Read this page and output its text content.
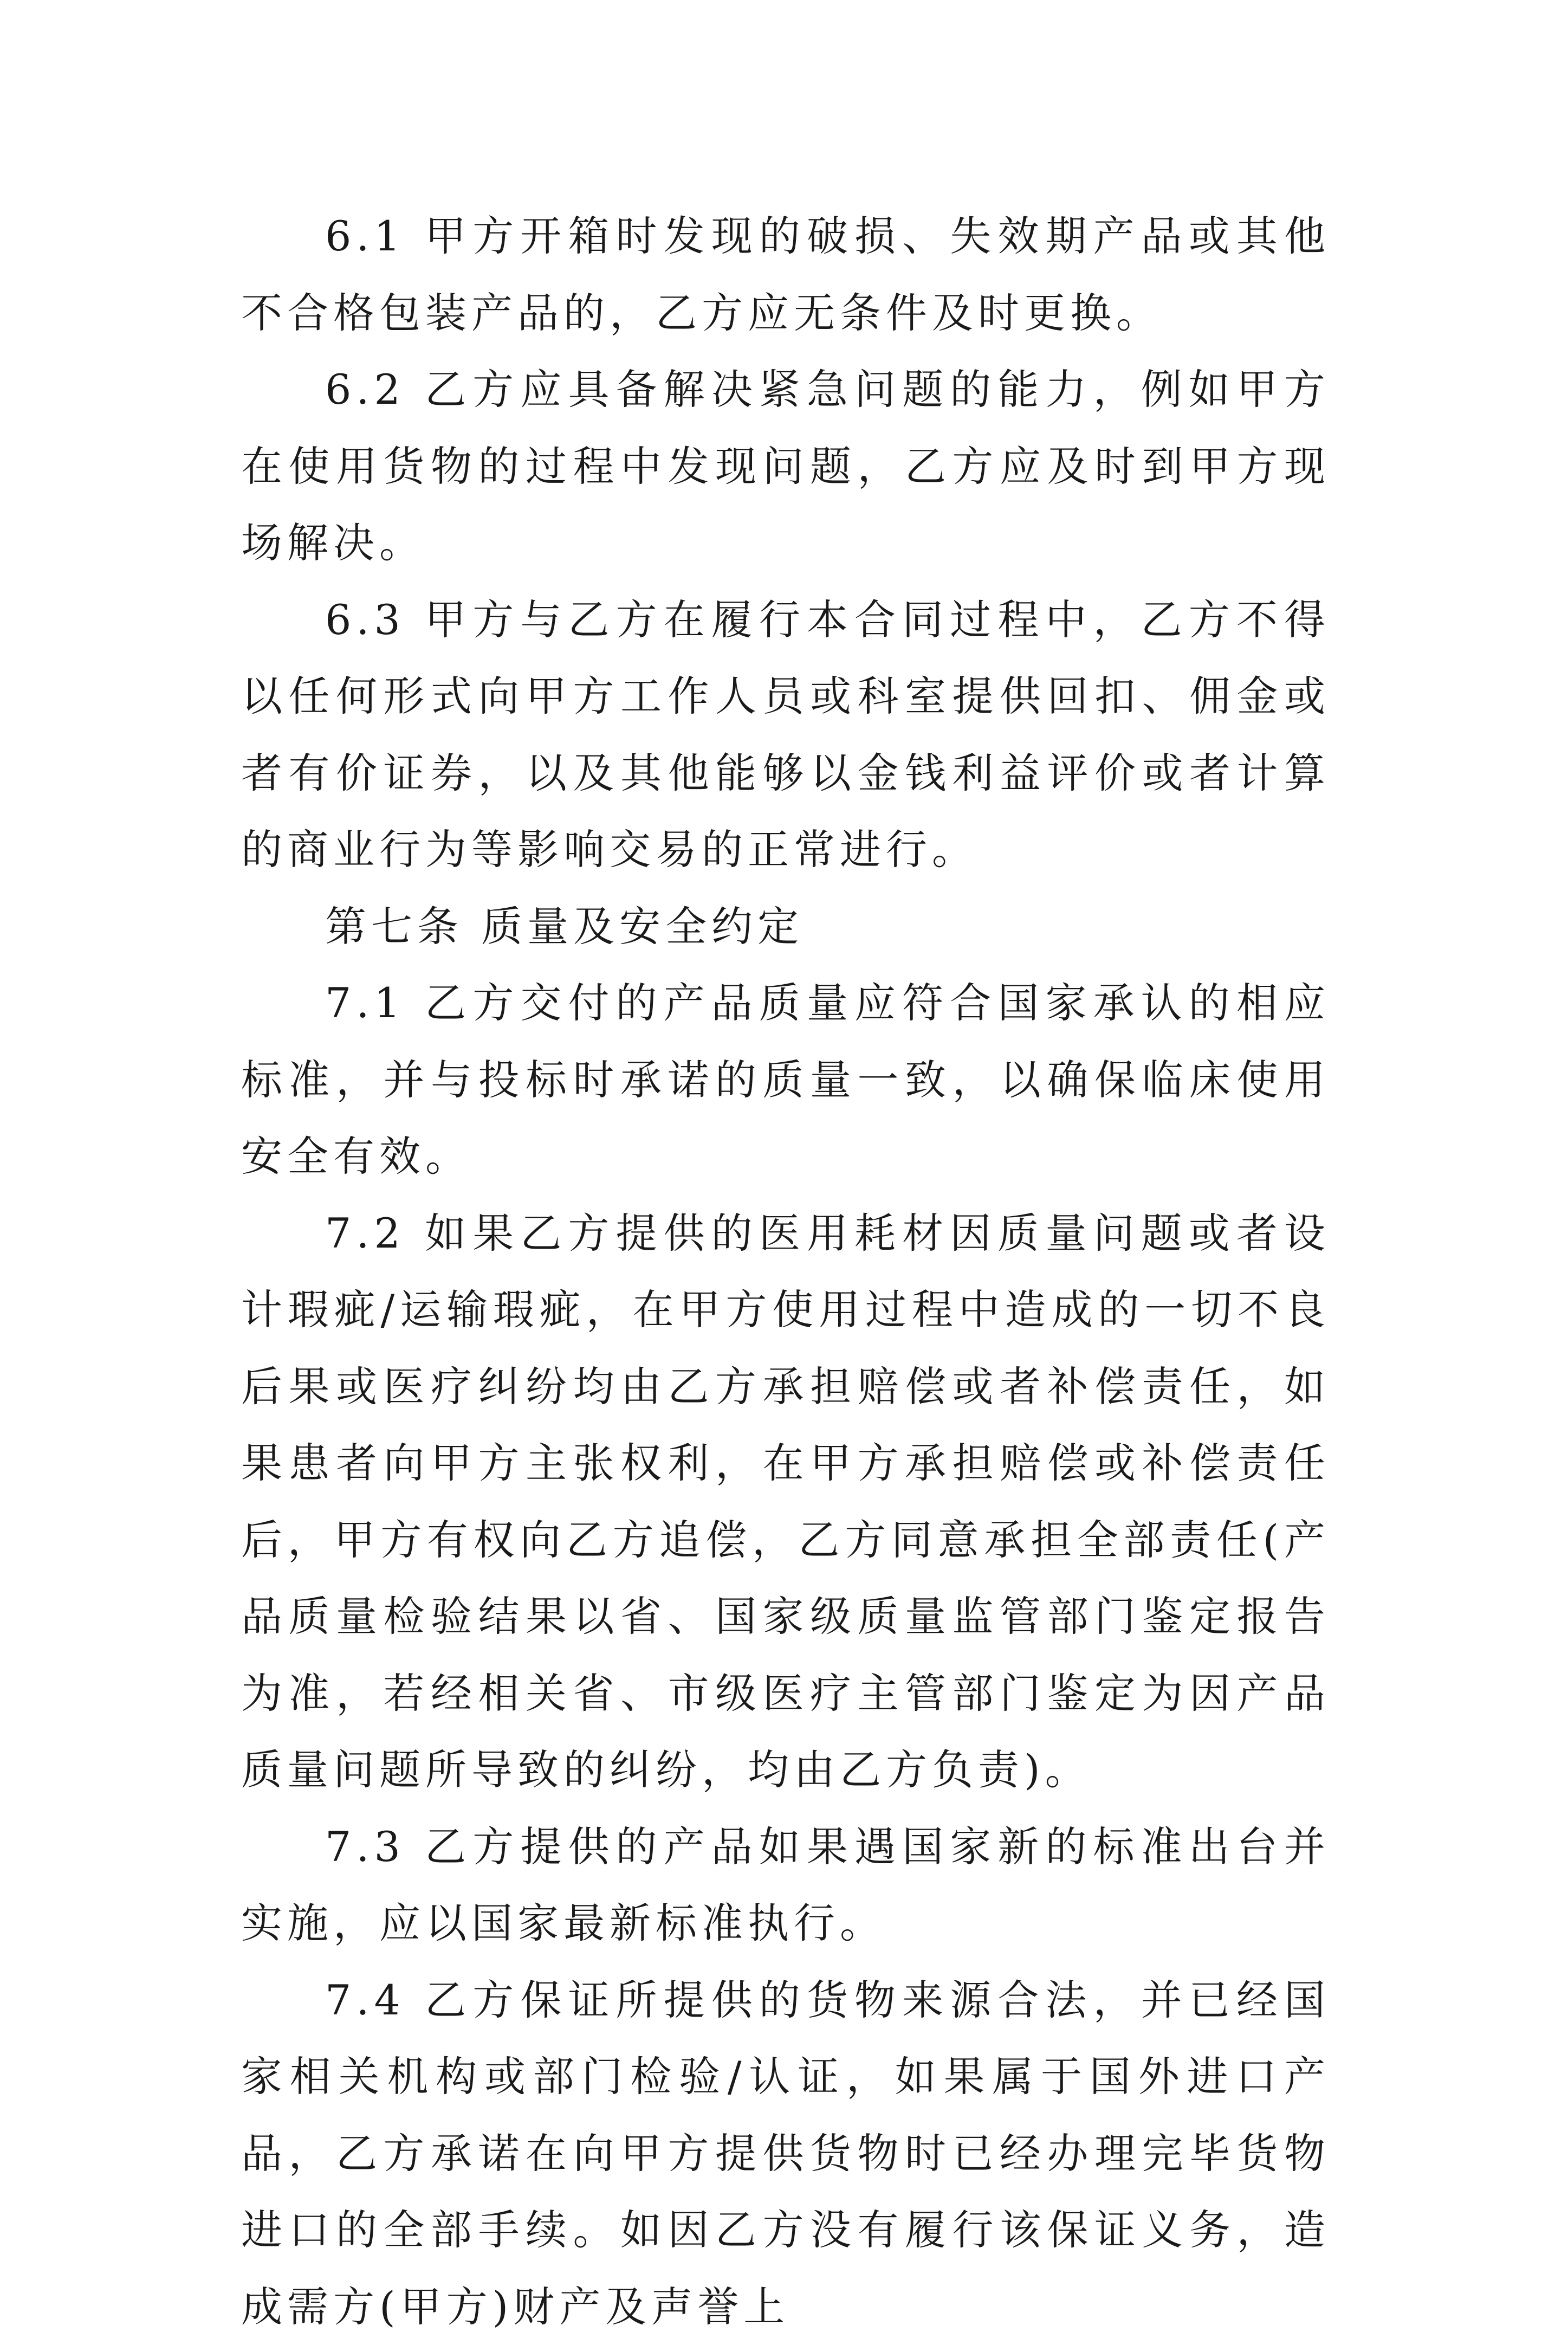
6.1 甲方开箱时发现的破损、失效期产品或其他不合格包装产品的，乙方应无条件及时更换。

6.2 乙方应具备解决紧急问题的能力，例如甲方在使用货物的过程中发现问题，乙方应及时到甲方现场解决。

6.3 甲方与乙方在履行本合同过程中，乙方不得以任何形式向甲方工作人员或科室提供回扣、佣金或者有价证券，以及其他能够以金钱利益评价或者计算的商业行为等影响交易的正常进行。

第七条 质量及安全约定

7.1 乙方交付的产品质量应符合国家承认的相应标准，并与投标时承诺的质量一致，以确保临床使用安全有效。

7.2 如果乙方提供的医用耗材因质量问题或者设计瑕疵/运输瑕疵，在甲方使用过程中造成的一切不良后果或医疗纠纷均由乙方承担赔偿或者补偿责任，如果患者向甲方主张权利，在甲方承担赔偿或补偿责任后，甲方有权向乙方追偿，乙方同意承担全部责任(产品质量检验结果以省、国家级质量监管部门鉴定报告为准，若经相关省、市级医疗主管部门鉴定为因产品质量问题所导致的纠纷，均由乙方负责)。

7.3 乙方提供的产品如果遇国家新的标准出台并实施，应以国家最新标准执行。

7.4 乙方保证所提供的货物来源合法，并已经国家相关机构或部门检验/认证，如果属于国外进口产品，乙方承诺在向甲方提供货物时已经办理完毕货物进口的全部手续。如因乙方没有履行该保证义务，造成需方(甲方)财产及声誉上
